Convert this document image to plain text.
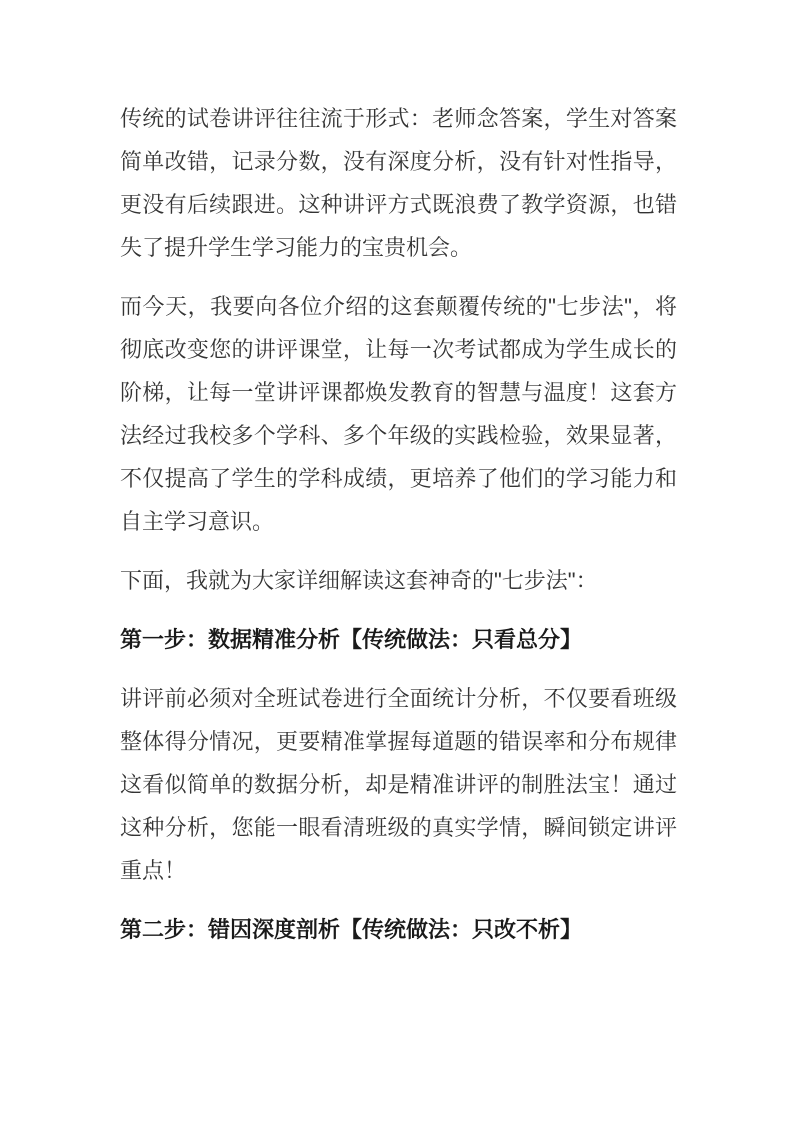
传统的试卷讲评往往流于形式：老师念答案，学生对答案简单改错，记录分数，没有深度分析，没有针对性指导，更没有后续跟进。这种讲评方式既浪费了教学资源，也错失了提升学生学习能力的宝贵机会。

而今天，我要向各位介绍的这套颠覆传统的"七步法"，将彻底改变您的讲评课堂，让每一次考试都成为学生成长的阶梯，让每一堂讲评课都焕发教育的智慧与温度！这套方法经过我校多个学科、多个年级的实践检验，效果显著，不仅提高了学生的学科成绩，更培养了他们的学习能力和自主学习意识。

下面，我就为大家详细解读这套神奇的"七步法"：

第一步：数据精准分析【传统做法：只看总分】

讲评前必须对全班试卷进行全面统计分析，不仅要看班级整体得分情况，更要精准掌握每道题的错误率和分布规律这看似简单的数据分析，却是精准讲评的制胜法宝！通过这种分析，您能一眼看清班级的真实学情，瞬间锁定讲评重点！

第二步：错因深度剖析【传统做法：只改不析】
